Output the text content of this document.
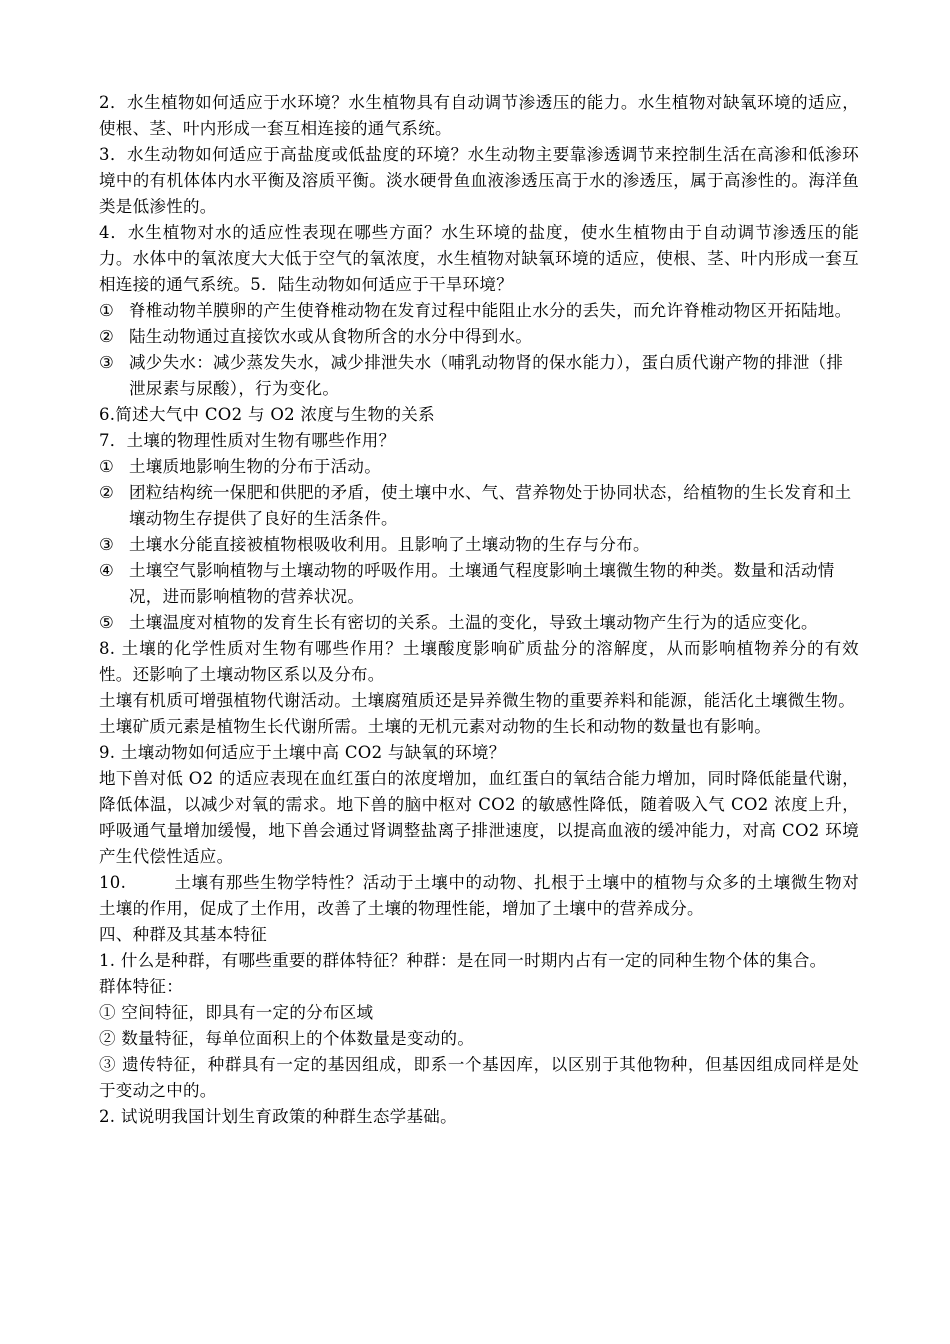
2．水生植物如何适应于水环境？水生植物具有自动调节渗透压的能力。水生植物对缺氧环境的适应，使根、茎、叶内形成一套互相连接的通气系统。

3．水生动物如何适应于高盐度或低盐度的环境？水生动物主要靠渗透调节来控制生活在高渗和低渗环境中的有机体体内水平衡及溶质平衡。淡水硬骨鱼血液渗透压高于水的渗透压，属于高渗性的。海洋鱼类是低渗性的。

4．水生植物对水的适应性表现在哪些方面？水生环境的盐度，使水生植物由于自动调节渗透压的能力。水体中的氧浓度大大低于空气的氧浓度，水生植物对缺氧环境的适应，使根、茎、叶内形成一套互相连接的通气系统。5．陆生动物如何适应于干旱环境？

① 脊椎动物羊膜卵的产生使脊椎动物在发育过程中能阻止水分的丢失，而允许脊椎动物区开拓陆地。

② 陆生动物通过直接饮水或从食物所含的水分中得到水。

③ 减少失水：减少蒸发失水，减少排泄失水（哺乳动物肾的保水能力），蛋白质代谢产物的排泄（排泄尿素与尿酸），行为变化。

6.简述大气中 CO2 与 O2 浓度与生物的关系

7．土壤的物理性质对生物有哪些作用？

① 土壤质地影响生物的分布于活动。

② 团粒结构统一保肥和供肥的矛盾，使土壤中水、气、营养物处于协同状态，给植物的生长发育和土壤动物生存提供了良好的生活条件。

③ 土壤水分能直接被植物根吸收利用。且影响了土壤动物的生存与分布。

④ 土壤空气影响植物与土壤动物的呼吸作用。土壤通气程度影响土壤微生物的种类。数量和活动情况，进而影响植物的营养状况。

⑤ 土壤温度对植物的发育生长有密切的关系。土温的变化，导致土壤动物产生行为的适应变化。

8. 土壤的化学性质对生物有哪些作用？土壤酸度影响矿质盐分的溶解度，从而影响植物养分的有效性。还影响了土壤动物区系以及分布。

土壤有机质可增强植物代谢活动。土壤腐殖质还是异养微生物的重要养料和能源，能活化土壤微生物。

土壤矿质元素是植物生长代谢所需。土壤的无机元素对动物的生长和动物的数量也有影响。

9. 土壤动物如何适应于土壤中高 CO2 与缺氧的环境？

地下兽对低 O2 的适应表现在血红蛋白的浓度增加，血红蛋白的氧结合能力增加，同时降低能量代谢，降低体温，以减少对氧的需求。地下兽的脑中枢对 CO2 的敏感性降低，随着吸入气 CO2 浓度上升，呼吸通气量增加缓慢，地下兽会通过肾调整盐离子排泄速度，以提高血液的缓冲能力，对高 CO2 环境产生代偿性适应。

10.	土壤有那些生物学特性？活动于土壤中的动物、扎根于土壤中的植物与众多的土壤微生物对土壤的作用，促成了土作用，改善了土壤的物理性能，增加了土壤中的营养成分。

四、种群及其基本特征

1. 什么是种群，有哪些重要的群体特征？种群：是在同一时期内占有一定的同种生物个体的集合。

群体特征：

① 空间特征，即具有一定的分布区域

② 数量特征，每单位面积上的个体数量是变动的。

③ 遗传特征，种群具有一定的基因组成，即系一个基因库，以区别于其他物种，但基因组成同样是处于变动之中的。

2. 试说明我国计划生育政策的种群生态学基础。
